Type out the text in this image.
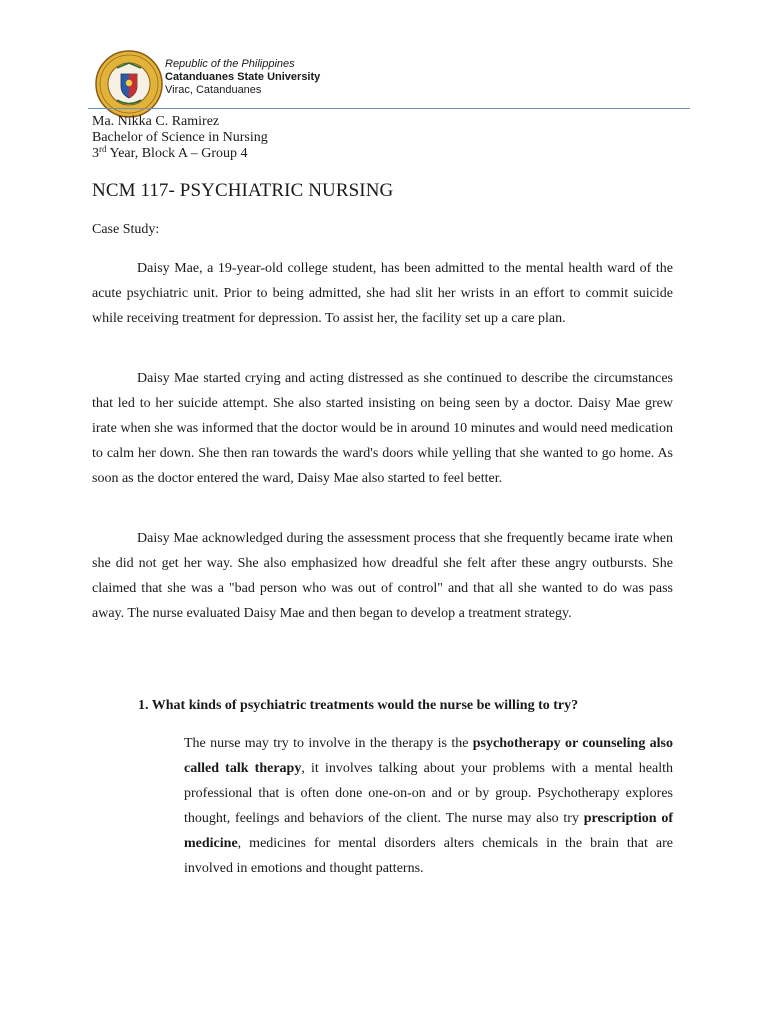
Republic of the Philippines
Catanduanes State University
Virac, Catanduanes
Ma. Nikka C. Ramirez
Bachelor of Science in Nursing
3rd Year, Block A – Group 4
NCM 117- PSYCHIATRIC NURSING
Case Study:

Daisy Mae, a 19-year-old college student, has been admitted to the mental health ward of the acute psychiatric unit. Prior to being admitted, she had slit her wrists in an effort to commit suicide while receiving treatment for depression. To assist her, the facility set up a care plan.

Daisy Mae started crying and acting distressed as she continued to describe the circumstances that led to her suicide attempt. She also started insisting on being seen by a doctor. Daisy Mae grew irate when she was informed that the doctor would be in around 10 minutes and would need medication to calm her down. She then ran towards the ward's doors while yelling that she wanted to go home. As soon as the doctor entered the ward, Daisy Mae also started to feel better.

Daisy Mae acknowledged during the assessment process that she frequently became irate when she did not get her way. She also emphasized how dreadful she felt after these angry outbursts. She claimed that she was a "bad person who was out of control" and that all she wanted to do was pass away. The nurse evaluated Daisy Mae and then began to develop a treatment strategy.

1. What kinds of psychiatric treatments would the nurse be willing to try?

The nurse may try to involve in the therapy is the psychotherapy or counseling also called talk therapy, it involves talking about your problems with a mental health professional that is often done one-on-on and or by group. Psychotherapy explores thought, feelings and behaviors of the client. The nurse may also try prescription of medicine, medicines for mental disorders alters chemicals in the brain that are involved in emotions and thought patterns.
